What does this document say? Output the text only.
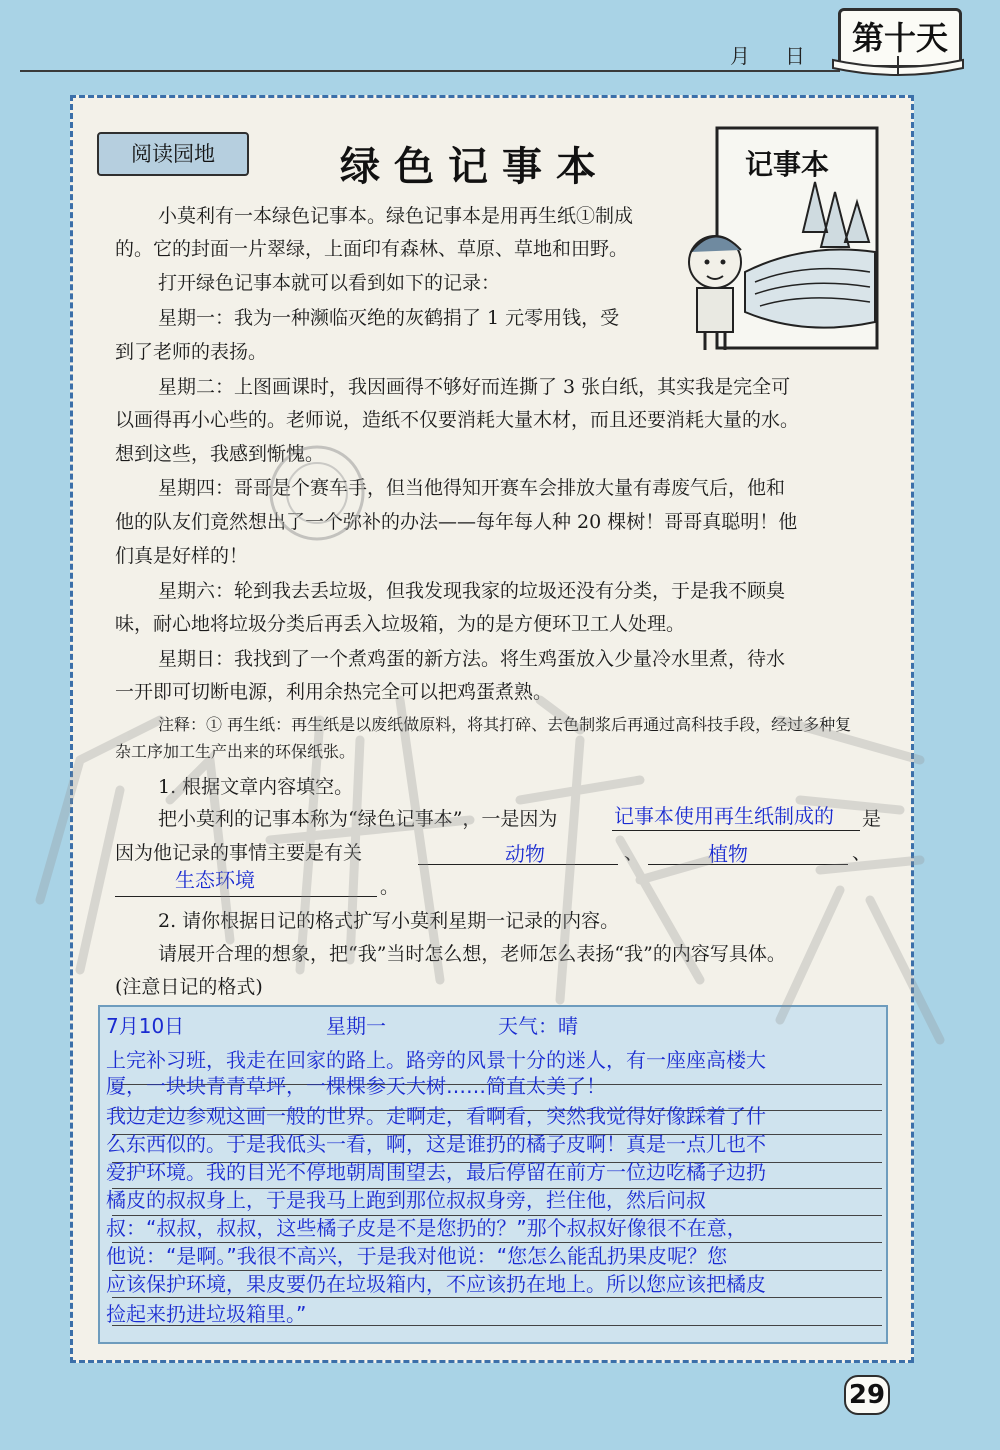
月 日	第十天
阅读园地	绿色记事本	记事本
小莫利有一本绿色记事本。绿色记事本是用再生纸①制成
的。它的封面一片翠绿，上面印有森林、草原、草地和田野。
打开绿色记事本就可以看到如下的记录：
星期一：我为一种濒临灭绝的灰鹤捐了 1 元零用钱，受
到了老师的表扬。
星期二：上图画课时，我因画得不够好而连撕了 3 张白纸，其实我是完全可
以画得再小心些的。老师说，造纸不仅要消耗大量木材，而且还要消耗大量的水。
想到这些，我感到惭愧。
星期四：哥哥是个赛车手，但当他得知开赛车会排放大量有毒废气后，他和
他的队友们竟然想出了一个弥补的办法——每年每人种 20 棵树！哥哥真聪明！他
们真是好样的！
星期六：轮到我去丢垃圾，但我发现我家的垃圾还没有分类，于是我不顾臭
味，耐心地将垃圾分类后再丢入垃圾箱，为的是方便环卫工人处理。
星期日：我找到了一个煮鸡蛋的新方法。将生鸡蛋放入少量冷水里煮，待水
一开即可切断电源，利用余热完全可以把鸡蛋煮熟。
注释：① 再生纸：再生纸是以废纸做原料，将其打碎、去色制浆后再通过高科技手段，经过多种复
杂工序加工生产出来的环保纸张。
1. 根据文章内容填空。
把小莫利的记事本称为“绿色记事本”，一是因为	记事本使用再生纸制成的 是
因为他记录的事情主要是有关	动物	、	植物	、
生态环境	。
2. 请你根据日记的格式扩写小莫利星期一记录的内容。
请展开合理的想象，把“我”当时怎么想，老师怎么表扬“我”的内容写具体。
(注意日记的格式)
7月10日	星期一	天气：晴
上完补习班，我走在回家的路上。路旁的风景十分的迷人，有一座座高楼大
厦，一块块青青草坪，一棵棵参天大树……简直太美了！
我边走边参观这画一般的世界。走啊走，看啊看，突然我觉得好像踩着了什
么东西似的。于是我低头一看，啊，这是谁扔的橘子皮啊！真是一点儿也不
爱护环境。我的目光不停地朝周围望去，最后停留在前方一位边吃橘子边扔
橘皮的叔叔身上，于是我马上跑到那位叔叔身旁，拦住他，然后问叔
叔：“叔叔，叔叔，这些橘子皮是不是您扔的？”那个叔叔好像很不在意，
他说：“是啊。”我很不高兴，于是我对他说：“您怎么能乱扔果皮呢？您
应该保护环境，果皮要仍在垃圾箱内，不应该扔在地上。所以您应该把橘皮
捡起来扔进垃圾箱里。”
29
